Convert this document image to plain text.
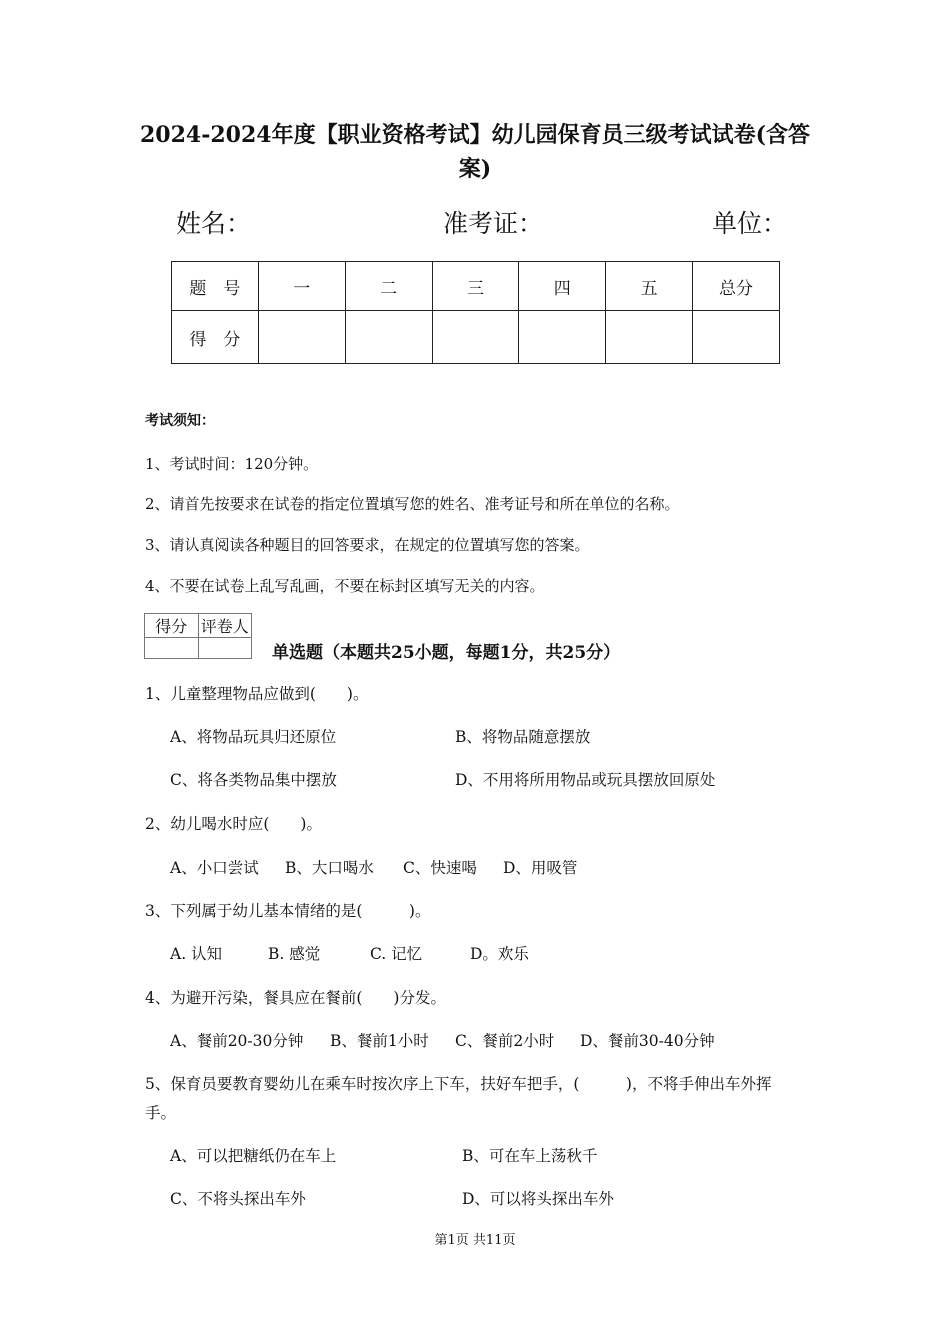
2024-2024年度【职业资格考试】幼儿园保育员三级考试试卷(含答
案)
姓名：	准考证：	单位：
题　号	一	二	三	四	五	总分
得　分						
考试须知：
1、考试时间：120分钟。
2、请首先按要求在试卷的指定位置填写您的姓名、准考证号和所在单位的名称。
3、请认真阅读各种题目的回答要求，在规定的位置填写您的答案。
4、不要在试卷上乱写乱画，不要在标封区填写无关的内容。
得分	评卷人

单选题（本题共25小题，每题1分，共25分）
1、儿童整理物品应做到(　　)。
A、将物品玩具归还原位	B、将物品随意摆放
C、将各类物品集中摆放	D、不用将所用物品或玩具摆放回原处
2、幼儿喝水时应(　　)。
A、小口尝试 B、大口喝水 C、快速喝 D、用吸管
3、下列属于幼儿基本情绪的是(　　　)。
A. 认知	B. 感觉	C. 记忆	D。欢乐
4、为避开污染，餐具应在餐前(　　)分发。
A、餐前20-30分钟 B、餐前1小时 C、餐前2小时 D、餐前30-40分钟
5、保育员要教育婴幼儿在乘车时按次序上下车，扶好车把手，(　　　)，不将手伸出车外挥
手。
A、可以把糖纸仍在车上	B、可在车上荡秋千
C、不将头探出车外	D、可以将头探出车外
第1页 共11页
